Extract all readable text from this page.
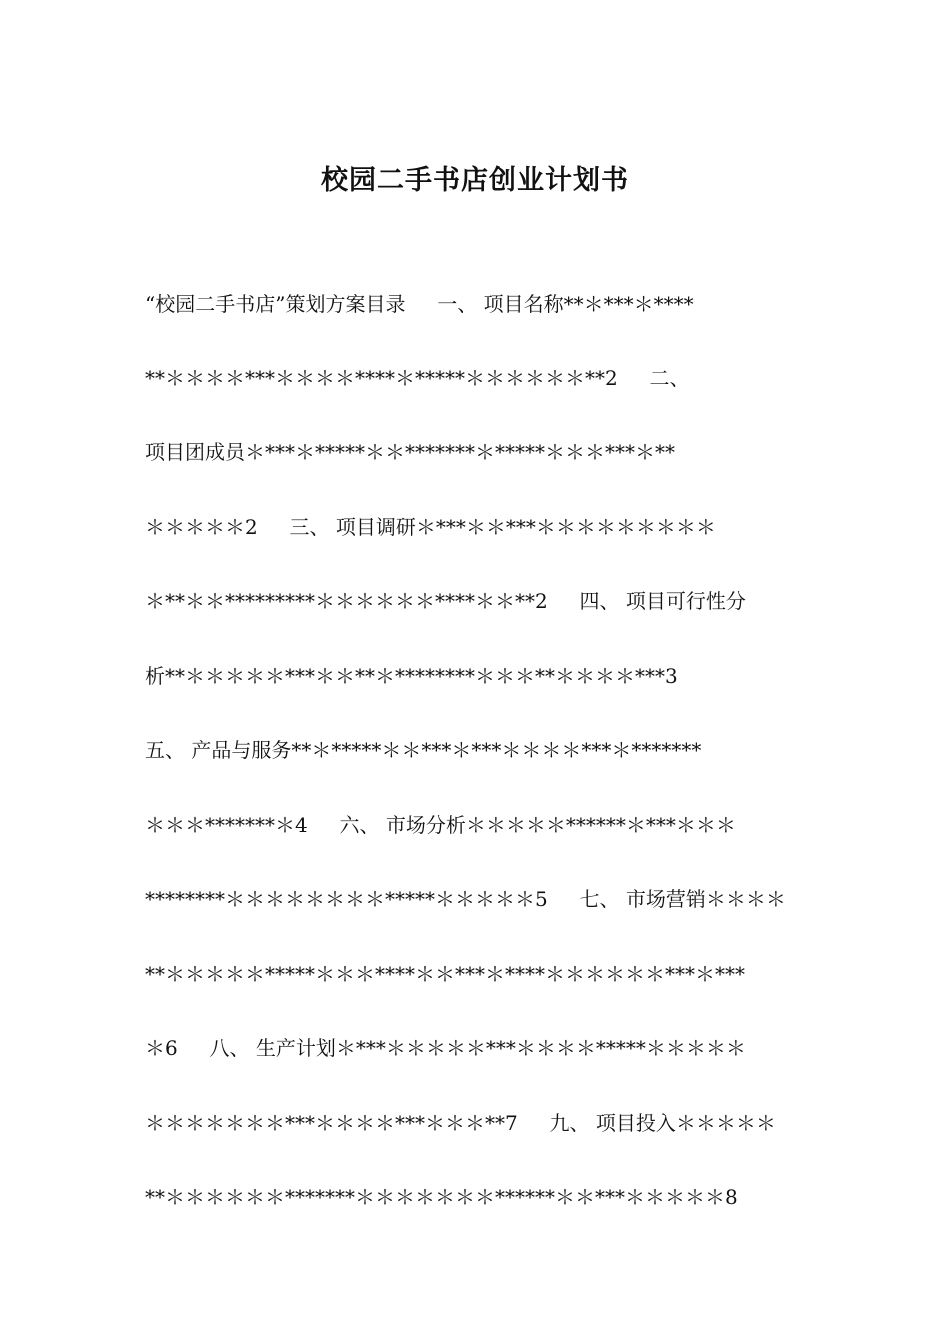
校园二手书店创业计划书
“校园二手书店”策划方案目录     一、 项目名称**＊***＊****
**＊＊＊＊***＊＊＊＊****＊*****＊＊＊＊＊＊**2     二、
项目团成员＊***＊*****＊＊*******＊*****＊＊＊***＊**
＊＊＊＊＊2     三、 项目调研＊***＊＊***＊＊＊＊＊＊＊＊＊
＊**＊＊*********＊＊＊＊＊＊****＊＊**2     四、 项目可行性分
析**＊＊＊＊＊***＊＊**＊********＊＊＊**＊＊＊＊***3
五、 产品与服务**＊*****＊＊***＊***＊＊＊＊***＊*******
＊＊＊*******＊4     六、 市场分析＊＊＊＊＊******＊***＊＊＊
********＊＊＊＊＊＊＊＊*****＊＊＊＊＊5     七、 市场营销＊＊＊＊
**＊＊＊＊＊*****＊＊＊****＊＊***＊****＊＊＊＊＊＊***＊***
＊6     八、 生产计划＊***＊＊＊＊＊***＊＊＊＊*****＊＊＊＊＊
＊＊＊＊＊＊＊***＊＊＊＊***＊＊＊**7     九、 项目投入＊＊＊＊＊
**＊＊＊＊＊＊*******＊＊＊＊＊＊＊******＊＊***＊＊＊＊＊8
